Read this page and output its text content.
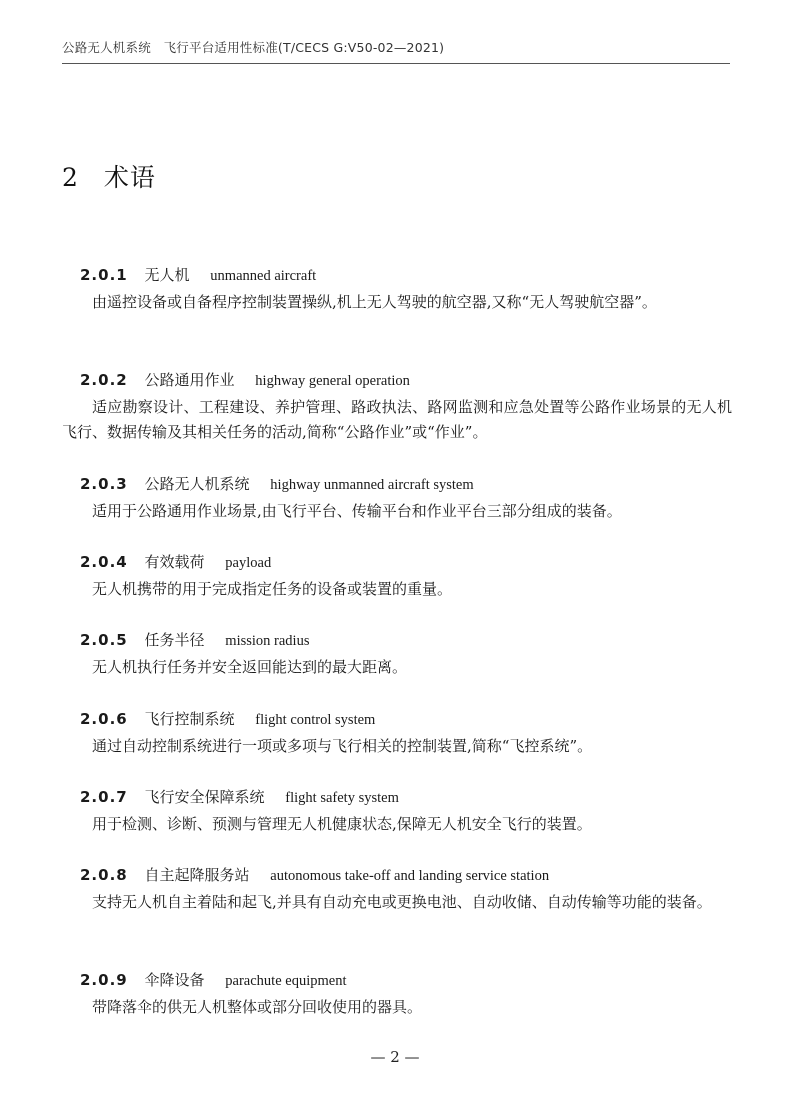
公路无人机系统　飞行平台适用性标准(T/CECS G:V50-02—2021)
2 术语
2.0.1 无人机 unmanned aircraft
由遥控设备或自备程序控制装置操纵,机上无人驾驶的航空器,又称“无人驾驶航空器”。
2.0.2 公路通用作业 highway general operation
适应勘察设计、工程建设、养护管理、路政执法、路网监测和应急处置等公路作业场景的无人机飞行、数据传输及其相关任务的活动,简称“公路作业”或“作业”。
2.0.3 公路无人机系统 highway unmanned aircraft system
适用于公路通用作业场景,由飞行平台、传输平台和作业平台三部分组成的装备。
2.0.4 有效载荷 payload
无人机携带的用于完成指定任务的设备或装置的重量。
2.0.5 任务半径 mission radius
无人机执行任务并安全返回能达到的最大距离。
2.0.6 飞行控制系统 flight control system
通过自动控制系统进行一项或多项与飞行相关的控制装置,简称“飞控系统”。
2.0.7 飞行安全保障系统 flight safety system
用于检测、诊断、预测与管理无人机健康状态,保障无人机安全飞行的装置。
2.0.8 自主起降服务站 autonomous take-off and landing service station
支持无人机自主着陆和起飞,并具有自动充电或更换电池、自动收储、自动传输等功能的装备。
2.0.9 伞降设备 parachute equipment
带降落伞的供无人机整体或部分回收使用的器具。
— 2 —
